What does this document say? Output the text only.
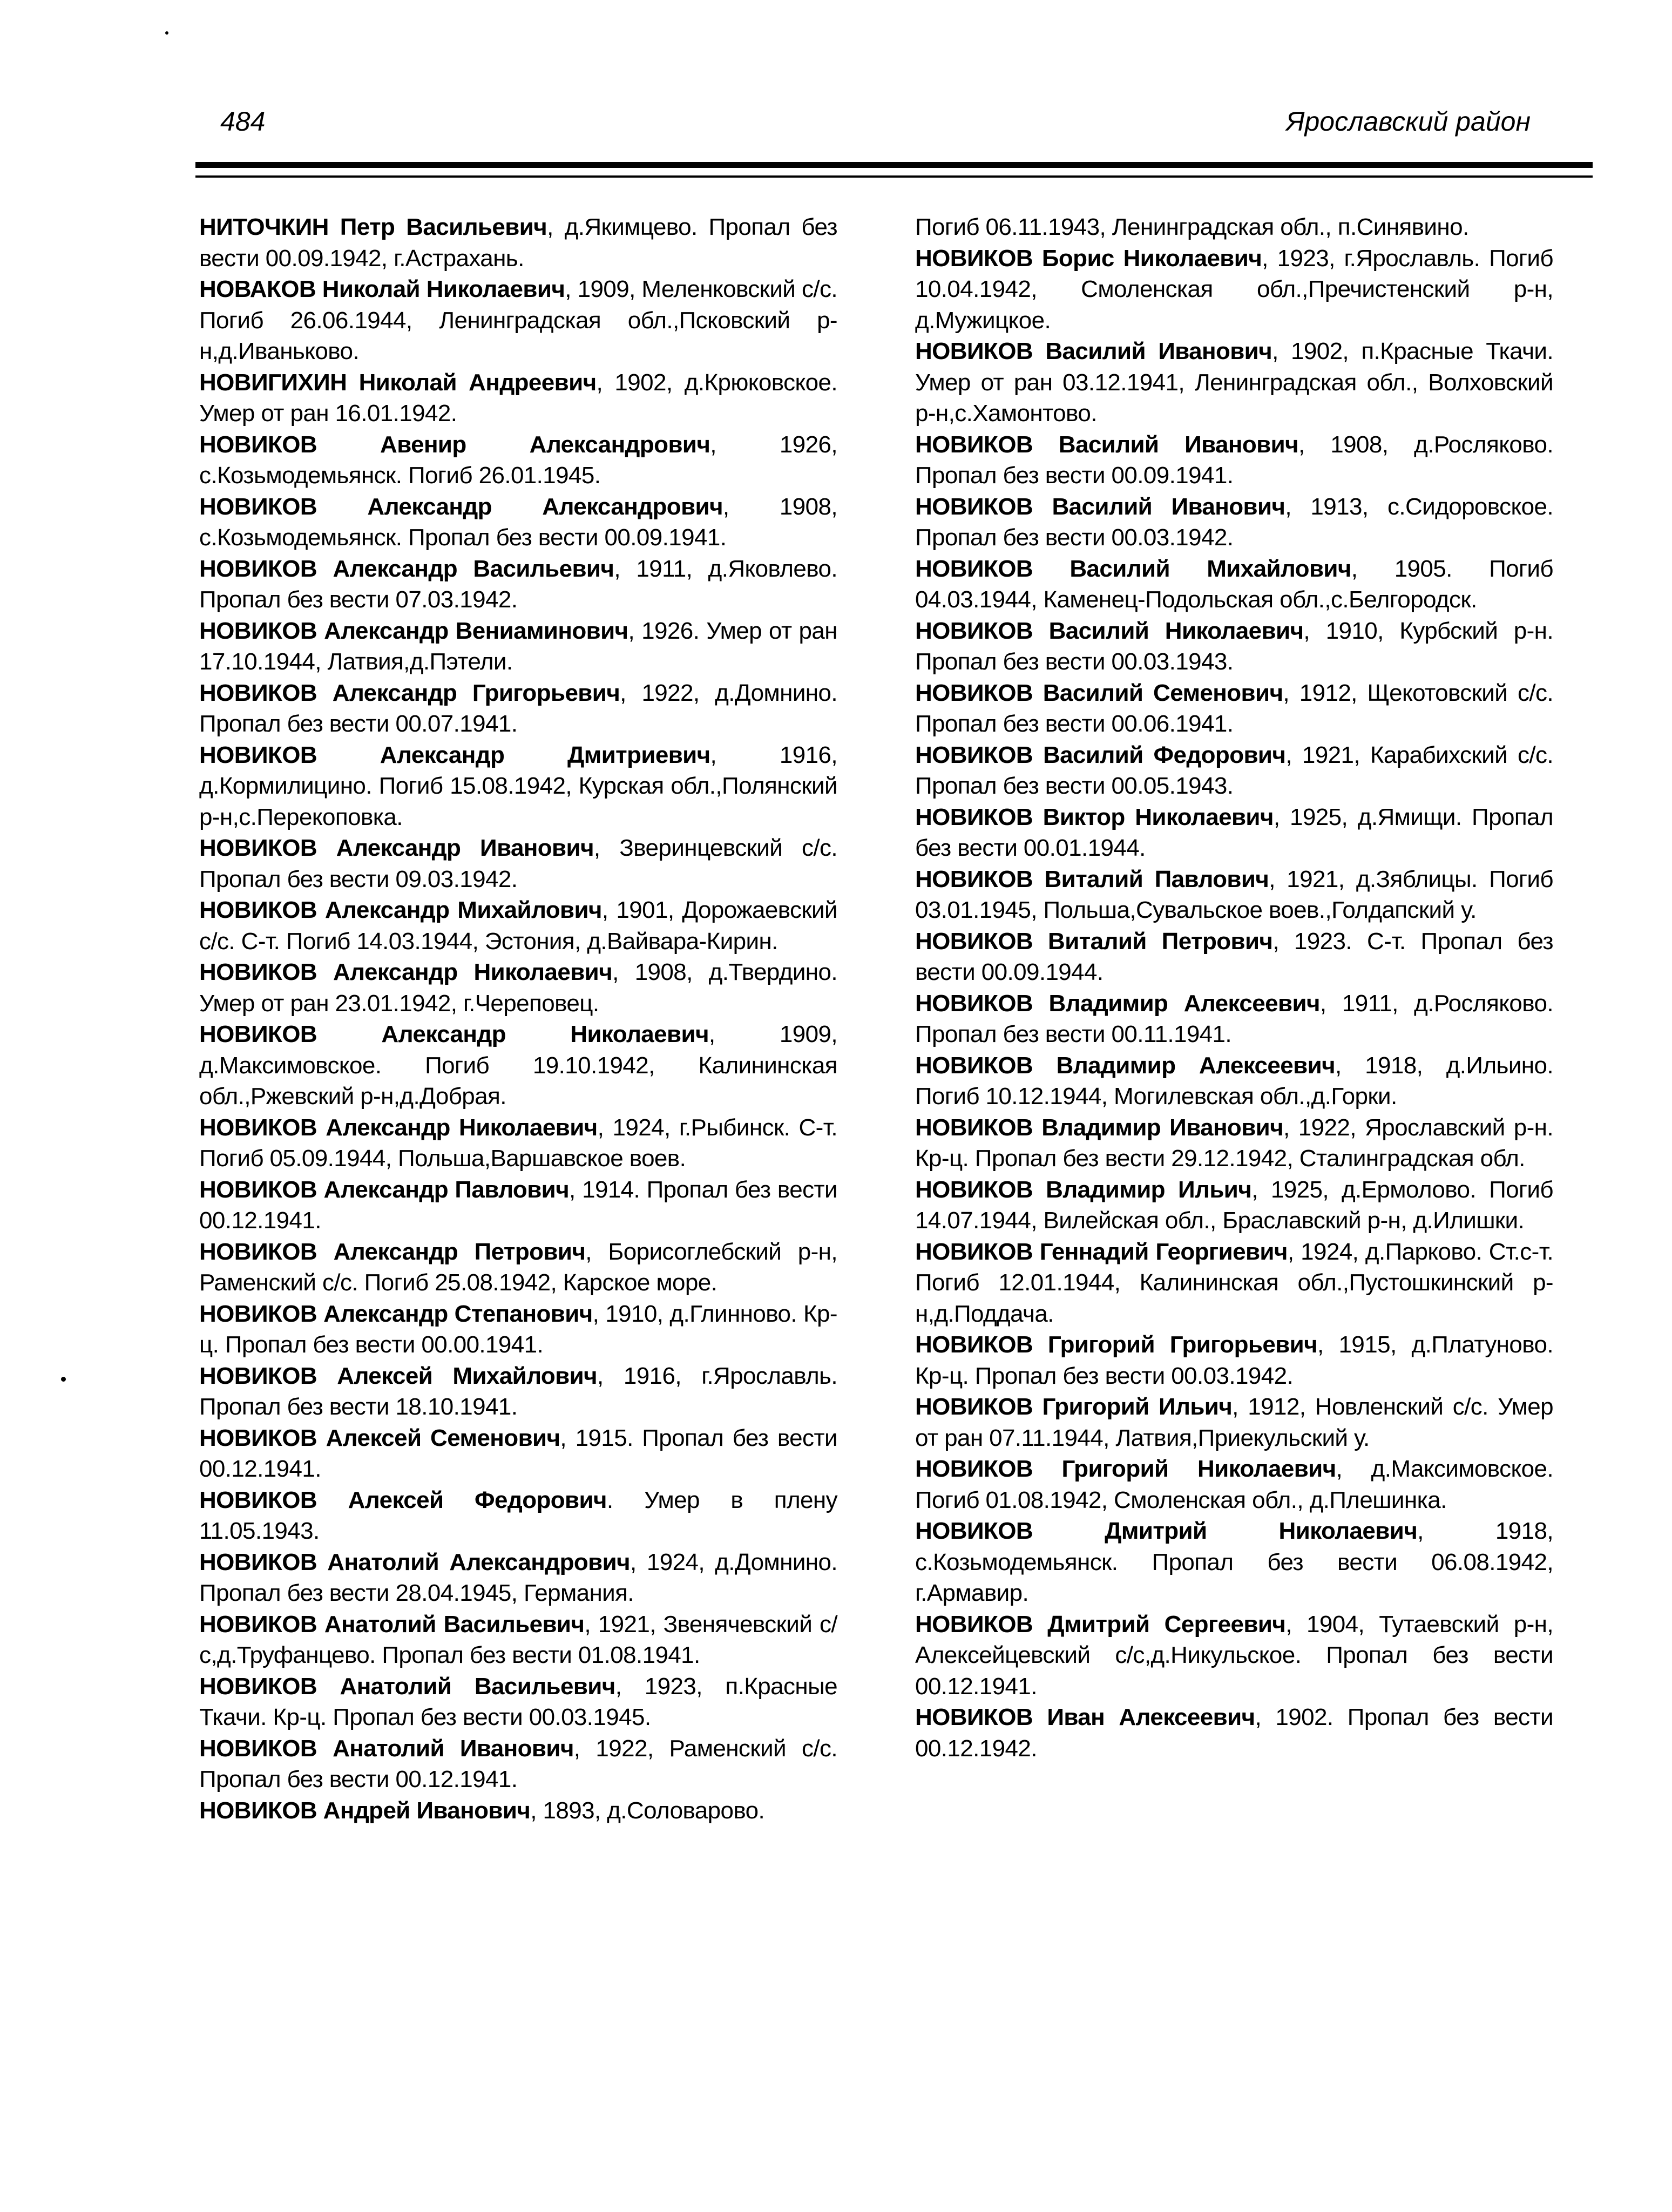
484	Ярославский район

НИТОЧКИН Петр Васильевич, д.Якимцево. Пропал без вести 00.09.1942, г.Астрахань.

НОВАКОВ Николай Николаевич, 1909, Меленковский с/с. Погиб 26.06.1944, Ленинградская обл.,Псковский р-н,д.Иваньково.

НОВИГИХИН Николай Андреевич, 1902, д.Крюковское. Умер от ран 16.01.1942.

НОВИКОВ Авенир Александрович, 1926, с.Козьмодемьянск. Погиб 26.01.1945.

НОВИКОВ Александр Александрович, 1908, с.Козьмодемьянск. Пропал без вести 00.09.1941.

НОВИКОВ Александр Васильевич, 1911, д.Яковлево. Пропал без вести 07.03.1942.

НОВИКОВ Александр Вениаминович, 1926. Умер от ран 17.10.1944, Латвия,д.Пэтели.

НОВИКОВ Александр Григорьевич, 1922, д.Домнино. Пропал без вести 00.07.1941.

НОВИКОВ Александр Дмитриевич, 1916, д.Кормилицино. Погиб 15.08.1942, Курская обл.,Полянский р-н,с.Перекоповка.

НОВИКОВ Александр Иванович, Зверинцевский с/с. Пропал без вести 09.03.1942.

НОВИКОВ Александр Михайлович, 1901, Дорожаевский с/с. С-т. Погиб 14.03.1944, Эстония, д.Вайвара-Кирин.

НОВИКОВ Александр Николаевич, 1908, д.Твердино. Умер от ран 23.01.1942, г.Череповец.

НОВИКОВ Александр Николаевич, 1909, д.Максимовское. Погиб 19.10.1942, Калининская обл.,Ржевский р-н,д.Добрая.

НОВИКОВ Александр Николаевич, 1924, г.Рыбинск. С-т. Погиб 05.09.1944, Польша,Варшавское воев.

НОВИКОВ Александр Павлович, 1914. Пропал без вести 00.12.1941.

НОВИКОВ Александр Петрович, Борисоглебский р-н, Раменский с/с. Погиб 25.08.1942, Карское море.

НОВИКОВ Александр Степанович, 1910, д.Глинново. Кр-ц. Пропал без вести 00.00.1941.

НОВИКОВ Алексей Михайлович, 1916, г.Ярославль. Пропал без вести 18.10.1941.

НОВИКОВ Алексей Семенович, 1915. Пропал без вести 00.12.1941.

НОВИКОВ Алексей Федорович. Умер в плену 11.05.1943.

НОВИКОВ Анатолий Александрович, 1924, д.Домнино. Пропал без вести 28.04.1945, Германия.

НОВИКОВ Анатолий Васильевич, 1921, Звенячевский с/с,д.Труфанцево. Пропал без вести 01.08.1941.

НОВИКОВ Анатолий Васильевич, 1923, п.Красные Ткачи. Кр-ц. Пропал без вести 00.03.1945.

НОВИКОВ Анатолий Иванович, 1922, Раменский с/с. Пропал без вести 00.12.1941.

НОВИКОВ Андрей Иванович, 1893, д.Соловарово.

Погиб 06.11.1943, Ленинградская обл., п.Синявино.

НОВИКОВ Борис Николаевич, 1923, г.Ярославль. Погиб 10.04.1942, Смоленская обл.,Пречистенский р-н, д.Мужицкое.

НОВИКОВ Василий Иванович, 1902, п.Красные Ткачи. Умер от ран 03.12.1941, Ленинградская обл., Волховский р-н,с.Хамонтово.

НОВИКОВ Василий Иванович, 1908, д.Росляково. Пропал без вести 00.09.1941.

НОВИКОВ Василий Иванович, 1913, с.Сидоровское. Пропал без вести 00.03.1942.

НОВИКОВ Василий Михайлович, 1905. Погиб 04.03.1944, Каменец-Подольская обл.,с.Белгородск.

НОВИКОВ Василий Николаевич, 1910, Курбский р-н. Пропал без вести 00.03.1943.

НОВИКОВ Василий Семенович, 1912, Щекотовский с/с. Пропал без вести 00.06.1941.

НОВИКОВ Василий Федорович, 1921, Карабихский с/с. Пропал без вести 00.05.1943.

НОВИКОВ Виктор Николаевич, 1925, д.Ямищи. Пропал без вести 00.01.1944.

НОВИКОВ Виталий Павлович, 1921, д.Зяблицы. Погиб 03.01.1945, Польша,Сувальское воев.,Голдапский у.

НОВИКОВ Виталий Петрович, 1923. С-т. Пропал без вести 00.09.1944.

НОВИКОВ Владимир Алексеевич, 1911, д.Росляково. Пропал без вести 00.11.1941.

НОВИКОВ Владимир Алексеевич, 1918, д.Ильино. Погиб 10.12.1944, Могилевская обл.,д.Горки.

НОВИКОВ Владимир Иванович, 1922, Ярославский р-н. Кр-ц. Пропал без вести 29.12.1942, Сталинградская обл.

НОВИКОВ Владимир Ильич, 1925, д.Ермолово. Погиб 14.07.1944, Вилейская обл., Браславский р-н, д.Илишки.

НОВИКОВ Геннадий Георгиевич, 1924, д.Парково. Ст.с-т. Погиб 12.01.1944, Калининская обл.,Пустошкинский р-н,д.Поддача.

НОВИКОВ Григорий Григорьевич, 1915, д.Платуново. Кр-ц. Пропал без вести 00.03.1942.

НОВИКОВ Григорий Ильич, 1912, Новленский с/с. Умер от ран 07.11.1944, Латвия,Приекульский у.

НОВИКОВ Григорий Николаевич, д.Максимовское. Погиб 01.08.1942, Смоленская обл., д.Плешинка.

НОВИКОВ Дмитрий Николаевич, 1918, с.Козьмодемьянск. Пропал без вести 06.08.1942, г.Армавир.

НОВИКОВ Дмитрий Сергеевич, 1904, Тутаевский р-н, Алексейцевский с/с,д.Никульское. Пропал без вести 00.12.1941.

НОВИКОВ Иван Алексеевич, 1902. Пропал без вести 00.12.1942.
